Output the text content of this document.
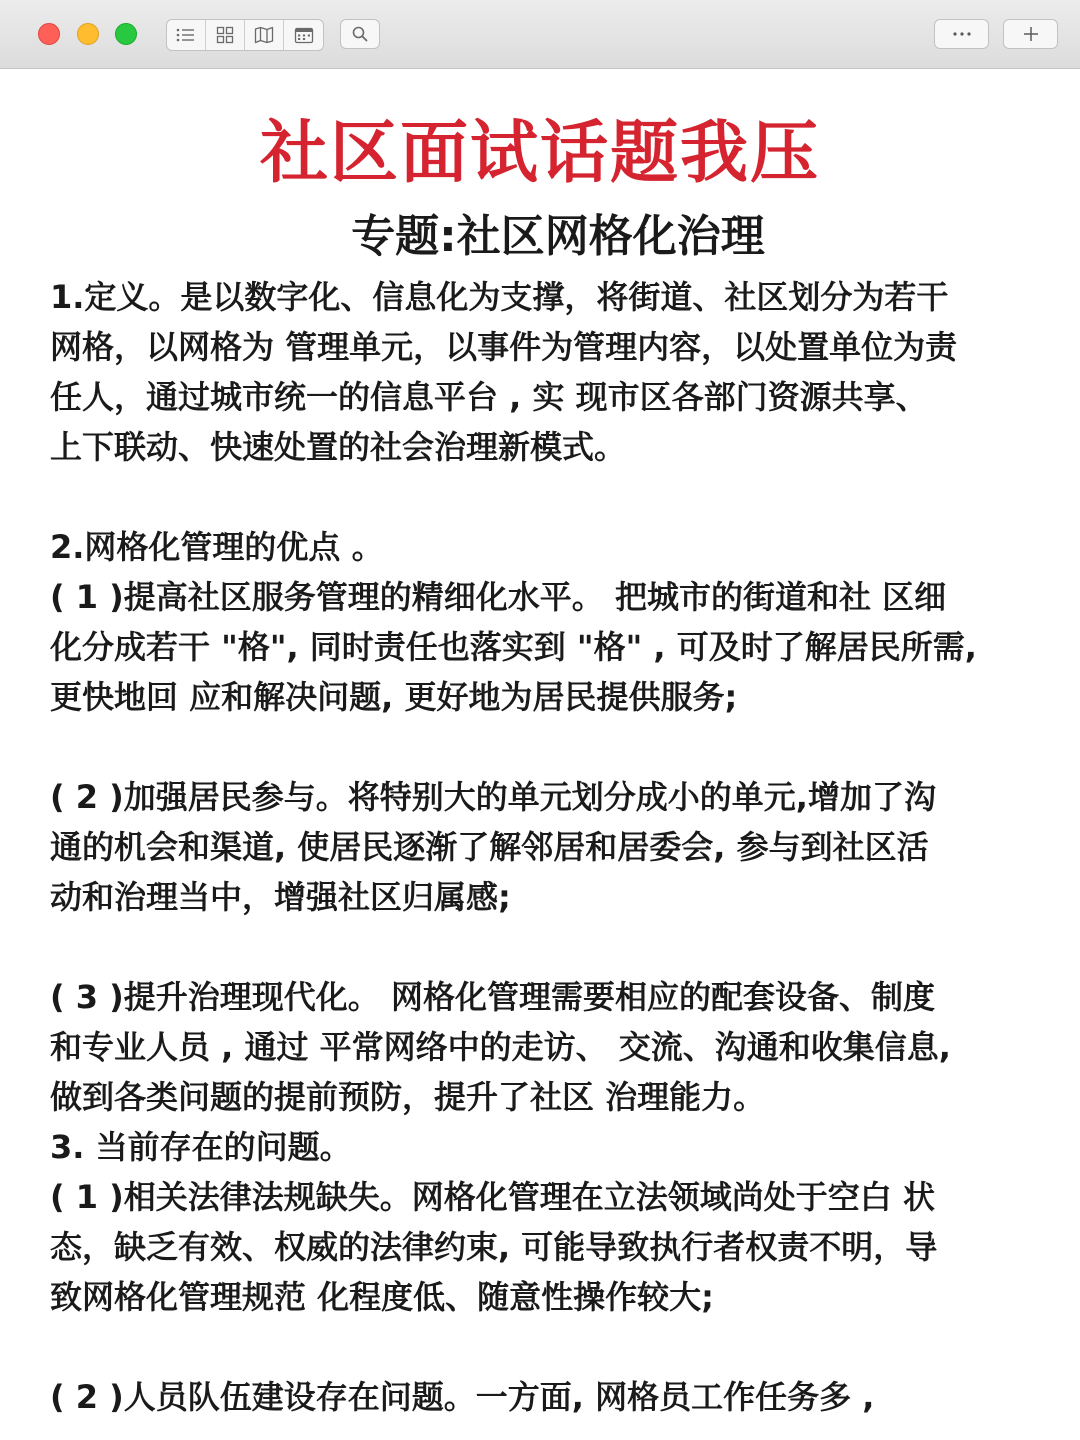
社区面试话题我压
专题:社区网格化治理
1.定义。是以数字化、信息化为支撑，将街道、社区划分为若干
网格，以网格为 管理单元，以事件为管理内容，以处置单位为责
任人，通过城市统一的信息平台 , 实 现市区各部门资源共享、
上下联动、快速处置的社会治理新模式。
2.网格化管理的优点 。
( 1 )提高社区服务管理的精细化水平。 把城市的街道和社 区细
化分成若干 "格", 同时责任也落实到 "格" , 可及时了解居民所需,
更快地回 应和解决问题, 更好地为居民提供服务;
( 2 )加强居民参与。将特别大的单元划分成小的单元,增加了沟
通的机会和渠道, 使居民逐渐了解邻居和居委会, 参与到社区活
动和治理当中，增强社区归属感;
( 3 )提升治理现代化。 网格化管理需要相应的配套设备、制度
和专业人员 , 通过 平常网络中的走访、 交流、沟通和收集信息,
做到各类问题的提前预防，提升了社区 治理能力。
3. 当前存在的问题。
( 1 )相关法律法规缺失。网格化管理在立法领域尚处于空白 状
态，缺乏有效、权威的法律约束, 可能导致执行者权责不明，导
致网格化管理规范 化程度低、随意性操作较大;
( 2 )人员队伍建设存在问题。一方面, 网格员工作任务多 ,
